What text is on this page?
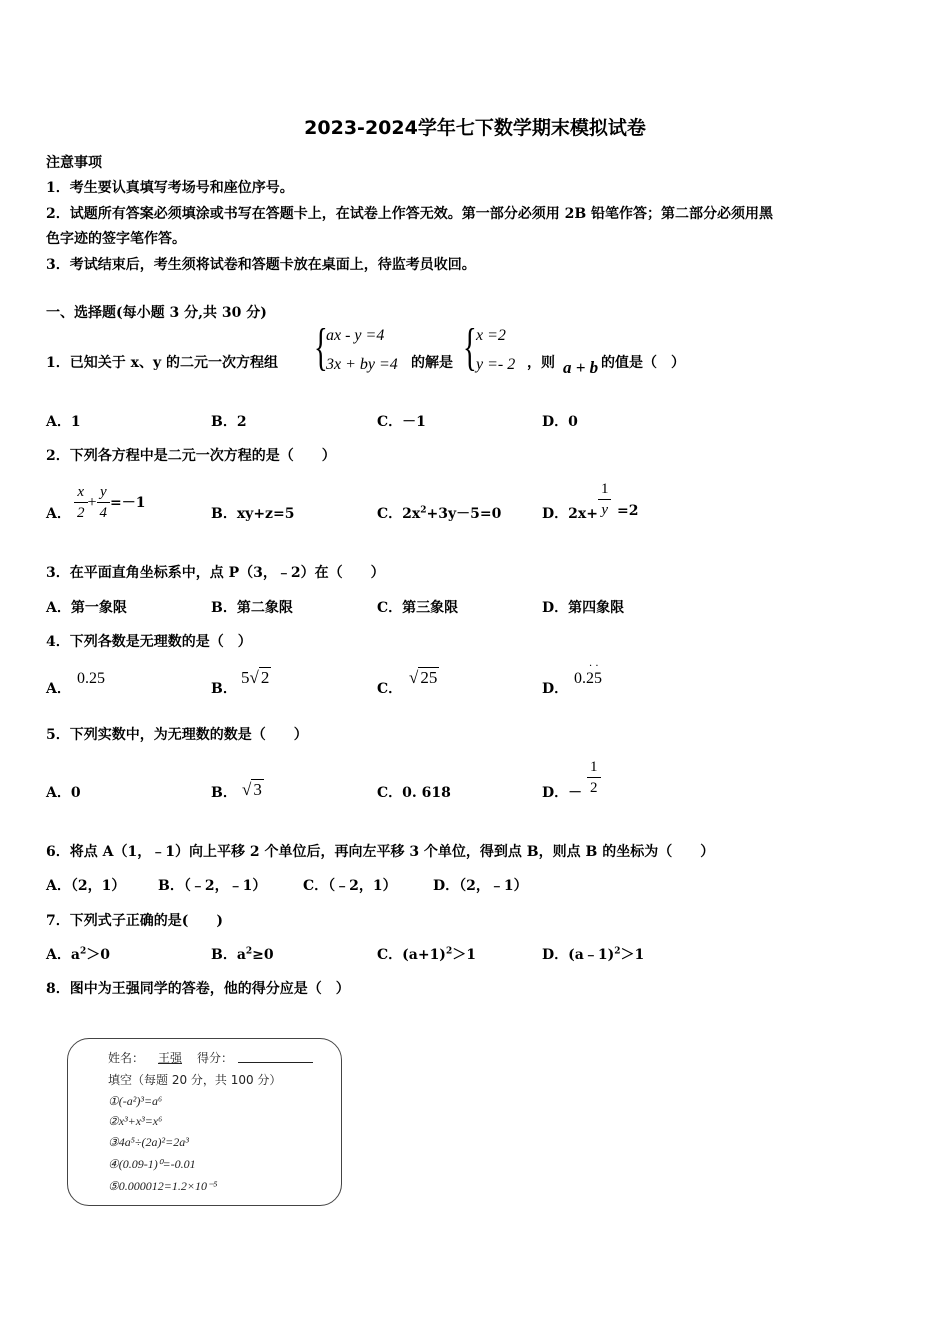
2023-2024学年七下数学期末模拟试卷
注意事项
1．考生要认真填写考场号和座位序号。
2．试题所有答案必须填涂或书写在答题卡上，在试卷上作答无效。第一部分必须用 2B 铅笔作答；第二部分必须用黑
色字迹的签字笔作答。
3．考试结束后，考生须将试卷和答题卡放在桌面上，待监考员收回。
一、选择题(每小题 3 分,共 30 分)
1．已知关于 x、y 的二元一次方程组 {
ax - y =4
3x + by =4 的解是 { x =2
y =- 2 ，则 a + b 的值是（　）
A．1	B．2	C．－1	D．0
2．下列各方程中是二元一次方程的是（　　）
A． $\frac{x}{2} + \frac{y}{4} =-1$
B．xy+z=5	C．$2x^2+3y-5=0$	D．$2x+ \frac{1}{y} =2$
3．在平面直角坐标系中，点 P（3，﹣2）在（　　）
A．第一象限	B．第二象限	C．第三象限	D．第四象限
4．下列各数是无理数的是（　）
A．
0.25
B．
5√ 2
C．
√ 25
D．
0.25
· ·
5．下列实数中，为无理数的数是（　　）
A．0	B． √ 3	C．0. 618	D．－ $\frac{1}{2}$
6．将点 A（1，﹣1）向上平移 2 个单位后，再向左平移 3 个单位，得到点 B，则点 B 的坐标为（　　）
A．（2，1） B．（﹣2，﹣1）	C．（﹣2，1）	D．（2，﹣1）
7．下列式子正确的是(　　)
A．$a^2>0$	B．$a^2\ge 0$	C．$(a+1)^2>1$	D．(a﹣1)$^2$＞1
8．图中为王强同学的答卷，他的得分应是（　）
姓名： 王强 得分：
填空（每题 20 分，共 100 分）
①(-a²)³=a⁶
②x³+x³=x⁶
③4a⁵÷(2a)²=2a³
④(0.09-1)⁰=-0.01
⑤0.000012=1.2×10⁻⁵
